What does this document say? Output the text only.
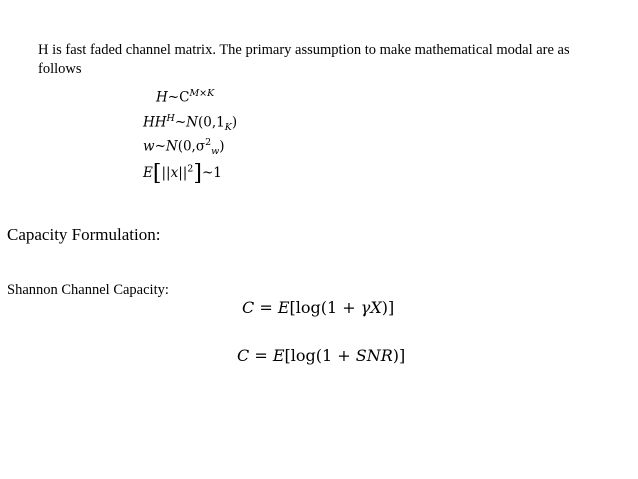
H is fast faded channel matrix. The primary assumption to make mathematical modal are as follows
$H\sim C^{M\times K}$
$HH^H\sim N(0,1_K)$
$w\sim N(0,\sigma^2_w)$
$E[||x||^2]\sim 1$
Capacity Formulation:
Shannon Channel Capacity:
C = E[log(1 + γX)]
C = E[log(1 + SNR)]
